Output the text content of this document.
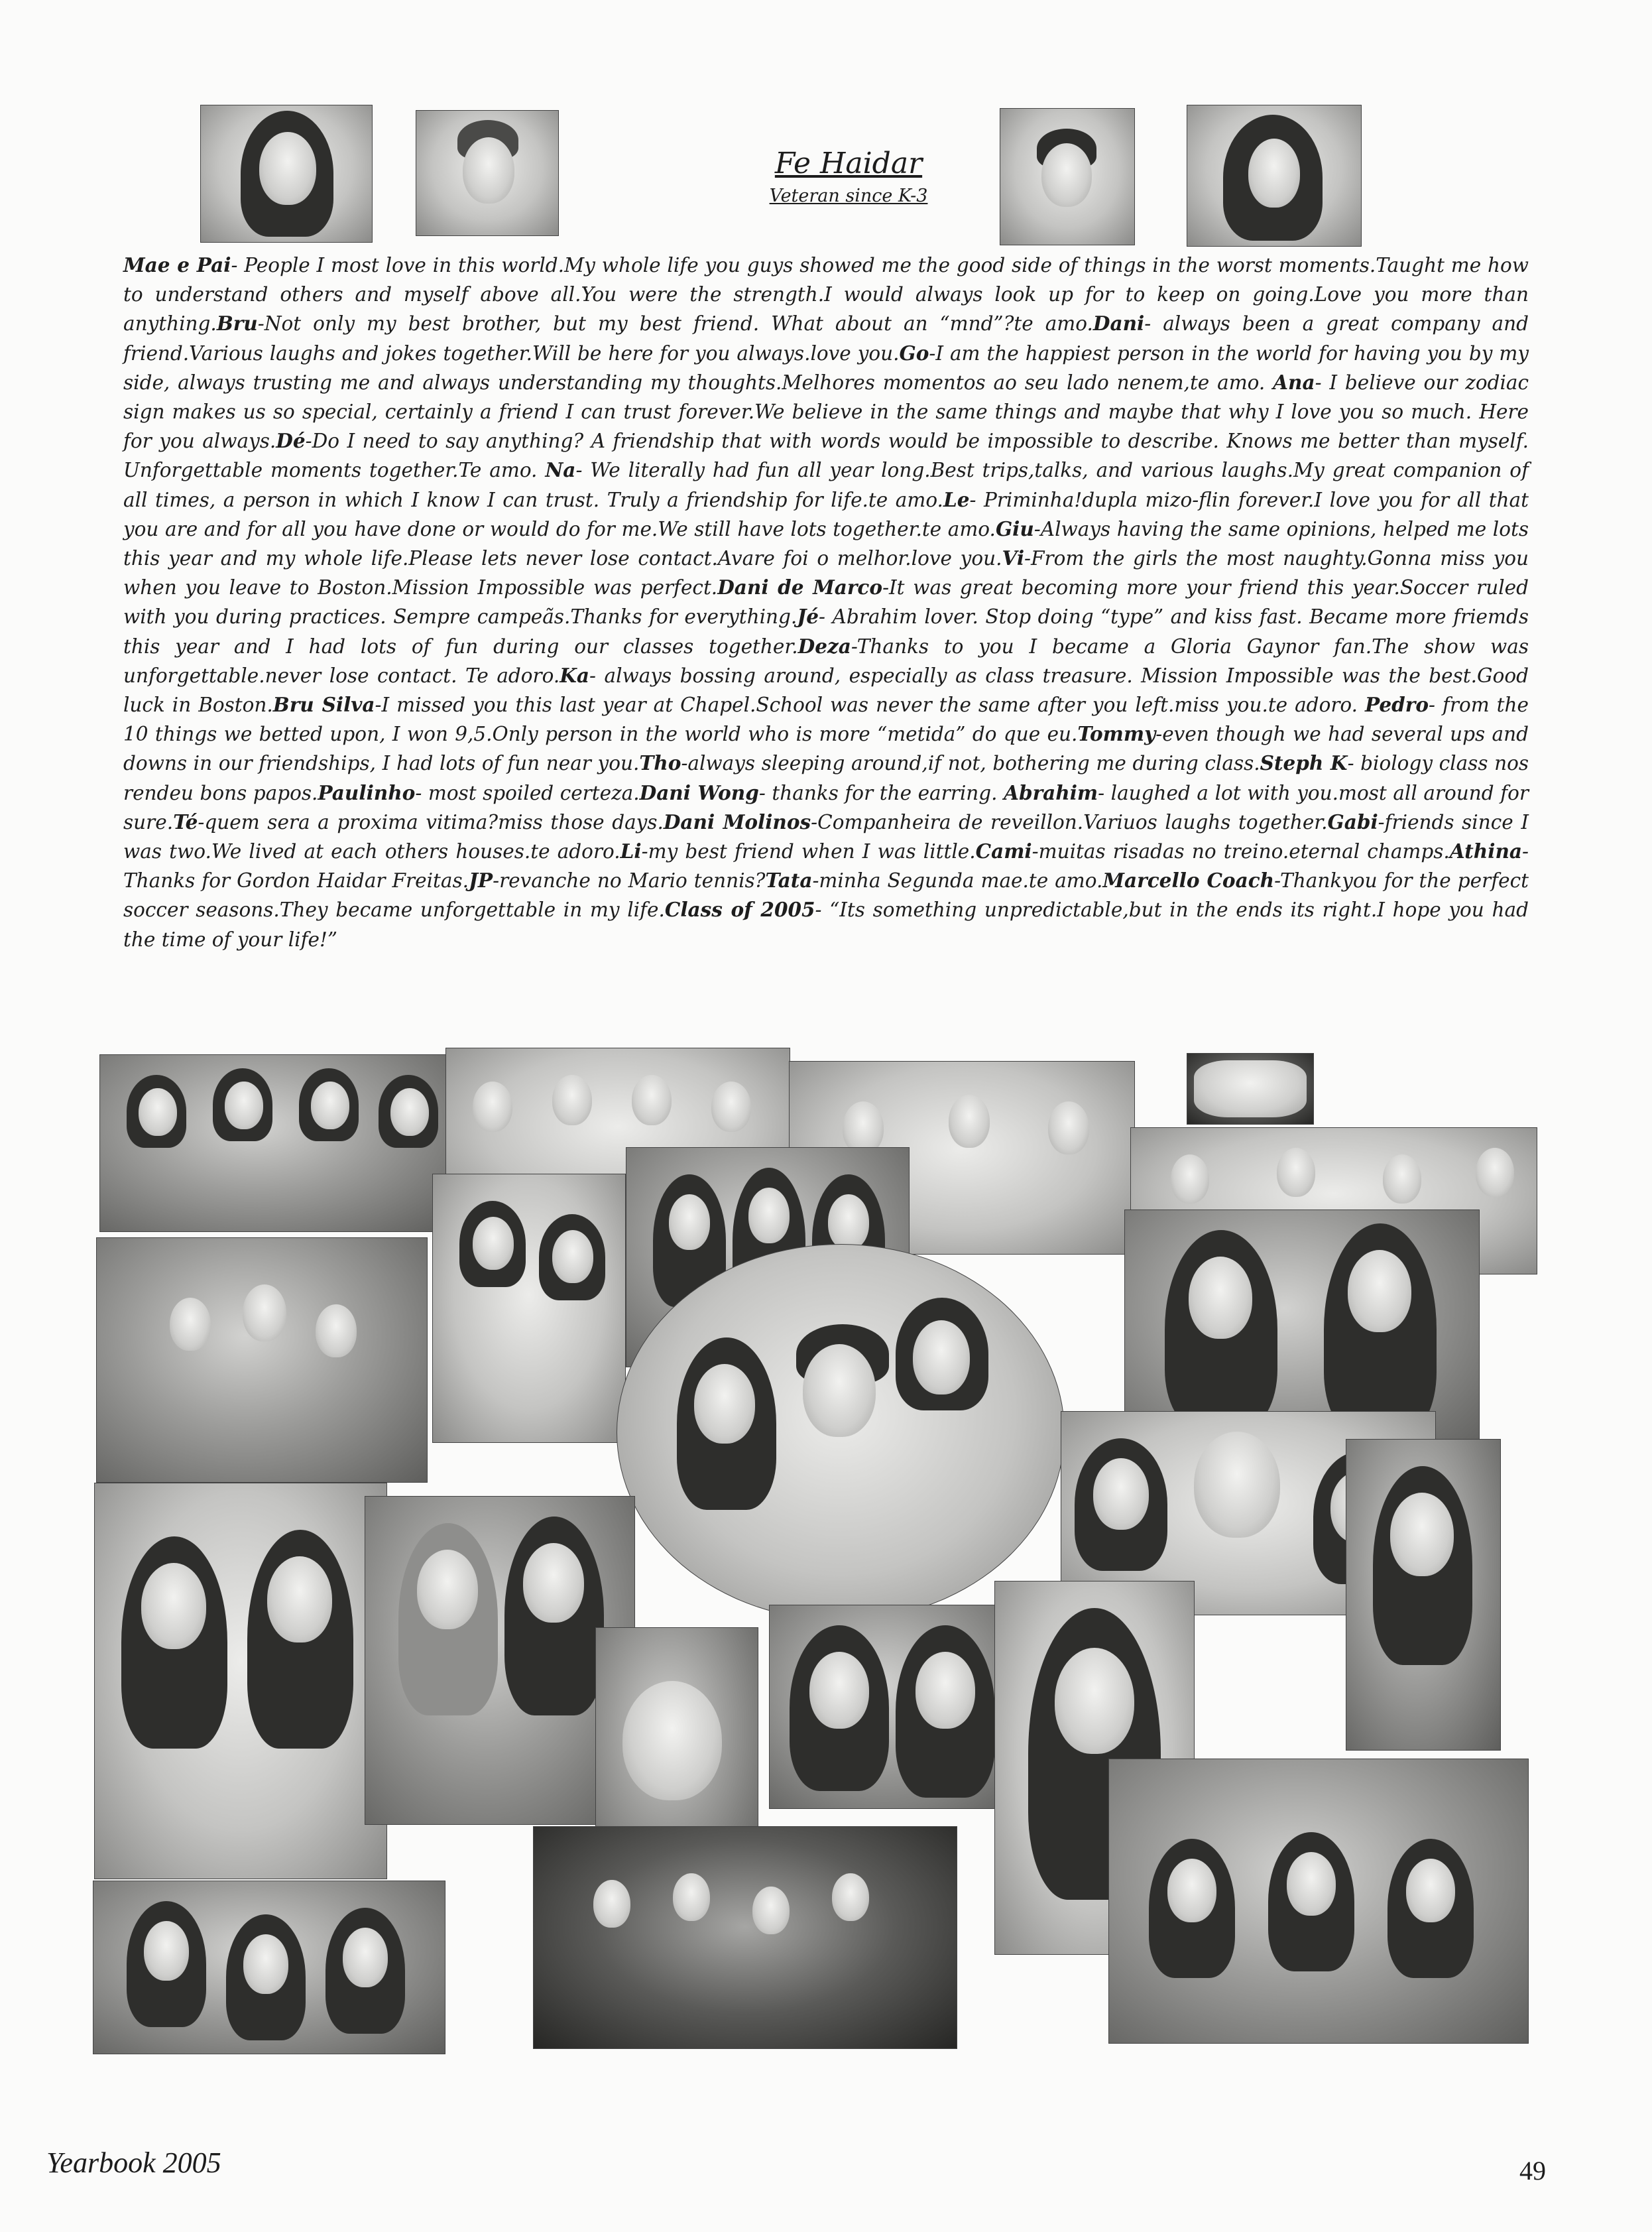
Fe Haidar
Veteran since K-3
Mae e Pai- People I most love in this world.My whole life you guys showed me the good side of things in the worst moments.Taught me how to understand others and myself above all.You were the strength.I would always look up for to keep on going.Love you more than anything.Bru-Not only my best brother, but my best friend. What about an “mnd”?te amo.Dani- always been a great company and friend.Various laughs and jokes together.Will be here for you always.love you.Go-I am the happiest person in the world for having you by my side, always trusting me and always understanding my thoughts.Melhores momentos ao seu lado nenem,te amo. Ana- I believe our zodiac sign makes us so special, certainly a friend I can trust forever.We believe in the same things and maybe that why I love you so much. Here for you always.Dé-Do I need to say anything? A friendship that with words would be impossible to describe. Knows me better than myself. Unforgettable moments together.Te amo. Na- We literally had fun all year long.Best trips,talks, and various laughs.My great companion of all times, a person in which I know I can trust. Truly a friendship for life.te amo.Le- Priminha!dupla mizo-flin forever.I love you for all that you are and for all you have done or would do for me.We still have lots together.te amo.Giu-Always having the same opinions, helped me lots this year and my whole life.Please lets never lose contact.Avare foi o melhor.love you.Vi-From the girls the most naughty.Gonna miss you when you leave to Boston.Mission Impossible was perfect.Dani de Marco-It was great becoming more your friend this year.Soccer ruled with you during practices. Sempre campeãs.Thanks for everything.Jé- Abrahim lover. Stop doing “type” and kiss fast. Became more friemds this year and I had lots of fun during our classes together.Deza-Thanks to you I became a Gloria Gaynor fan.The show was unforgettable.never lose contact. Te adoro.Ka- always bossing around, especially as class treasure. Mission Impossible was the best.Good luck in Boston.Bru Silva-I missed you this last year at Chapel.School was never the same after you left.miss you.te adoro. Pedro- from the 10 things we betted upon, I won 9,5.Only person in the world who is more “metida” do que eu.Tommy-even though we had several ups and downs in our friendships, I had lots of fun near you.Tho-always sleeping around,if not, bothering me during class.Steph K- biology class nos rendeu bons papos.Paulinho- most spoiled certeza.Dani Wong- thanks for the earring. Abrahim- laughed a lot with you.most all around for sure.Té-quem sera a proxima vitima?miss those days.Dani Molinos-Companheira de reveillon.Variuos laughs together.Gabi-friends since I was two.We lived at each others houses.te adoro.Li-my best friend when I was little.Cami-muitas risadas no treino.eternal champs.Athina- Thanks for Gordon Haidar Freitas.JP-revanche no Mario tennis?Tata-minha Segunda mae.te amo.Marcello Coach-Thankyou for the perfect soccer seasons.They became unforgettable in my life.Class of 2005- “Its something unpredictable,but in the ends its right.I hope you had the time of your life!”
Yearbook 2005	49
